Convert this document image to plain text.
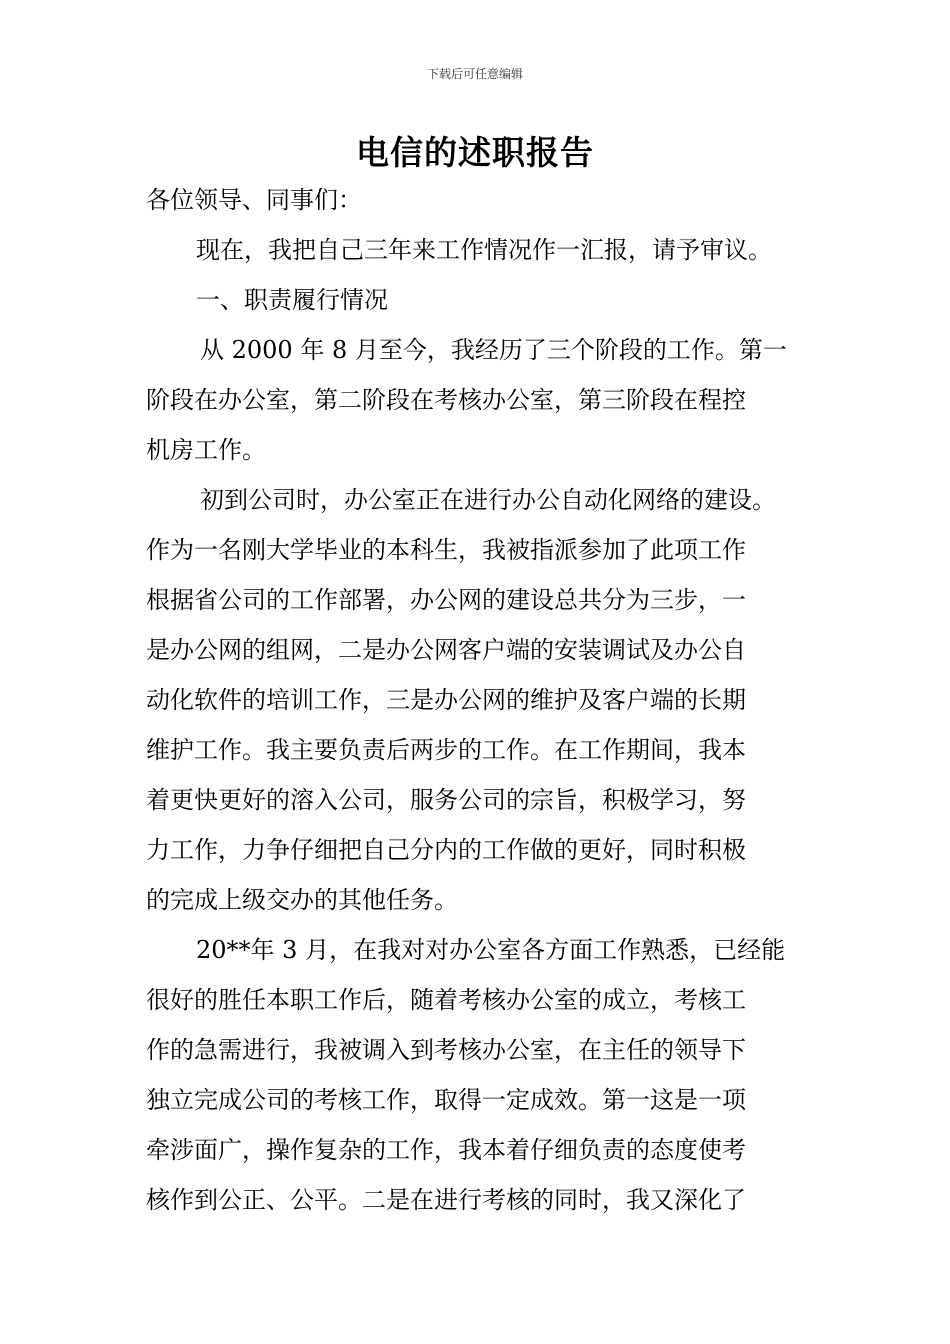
下载后可任意编辑
电信的述职报告
各位领导、同事们：
现在，我把自己三年来工作情况作一汇报，请予审议。
一、职责履行情况
从 2000 年 8 月至今，我经历了三个阶段的工作。第一
阶段在办公室，第二阶段在考核办公室，第三阶段在程控
机房工作。
初到公司时，办公室正在进行办公自动化网络的建设。
作为一名刚大学毕业的本科生，我被指派参加了此项工作
根据省公司的工作部署，办公网的建设总共分为三步，一
是办公网的组网，二是办公网客户端的安装调试及办公自
动化软件的培训工作，三是办公网的维护及客户端的长期
维护工作。我主要负责后两步的工作。在工作期间，我本
着更快更好的溶入公司，服务公司的宗旨，积极学习，努
力工作，力争仔细把自己分内的工作做的更好，同时积极
的完成上级交办的其他任务。
20**年 3 月，在我对对办公室各方面工作熟悉，已经能
很好的胜任本职工作后，随着考核办公室的成立，考核工
作的急需进行，我被调入到考核办公室，在主任的领导下
独立完成公司的考核工作，取得一定成效。第一这是一项
牵涉面广，操作复杂的工作，我本着仔细负责的态度使考
核作到公正、公平。二是在进行考核的同时，我又深化了
